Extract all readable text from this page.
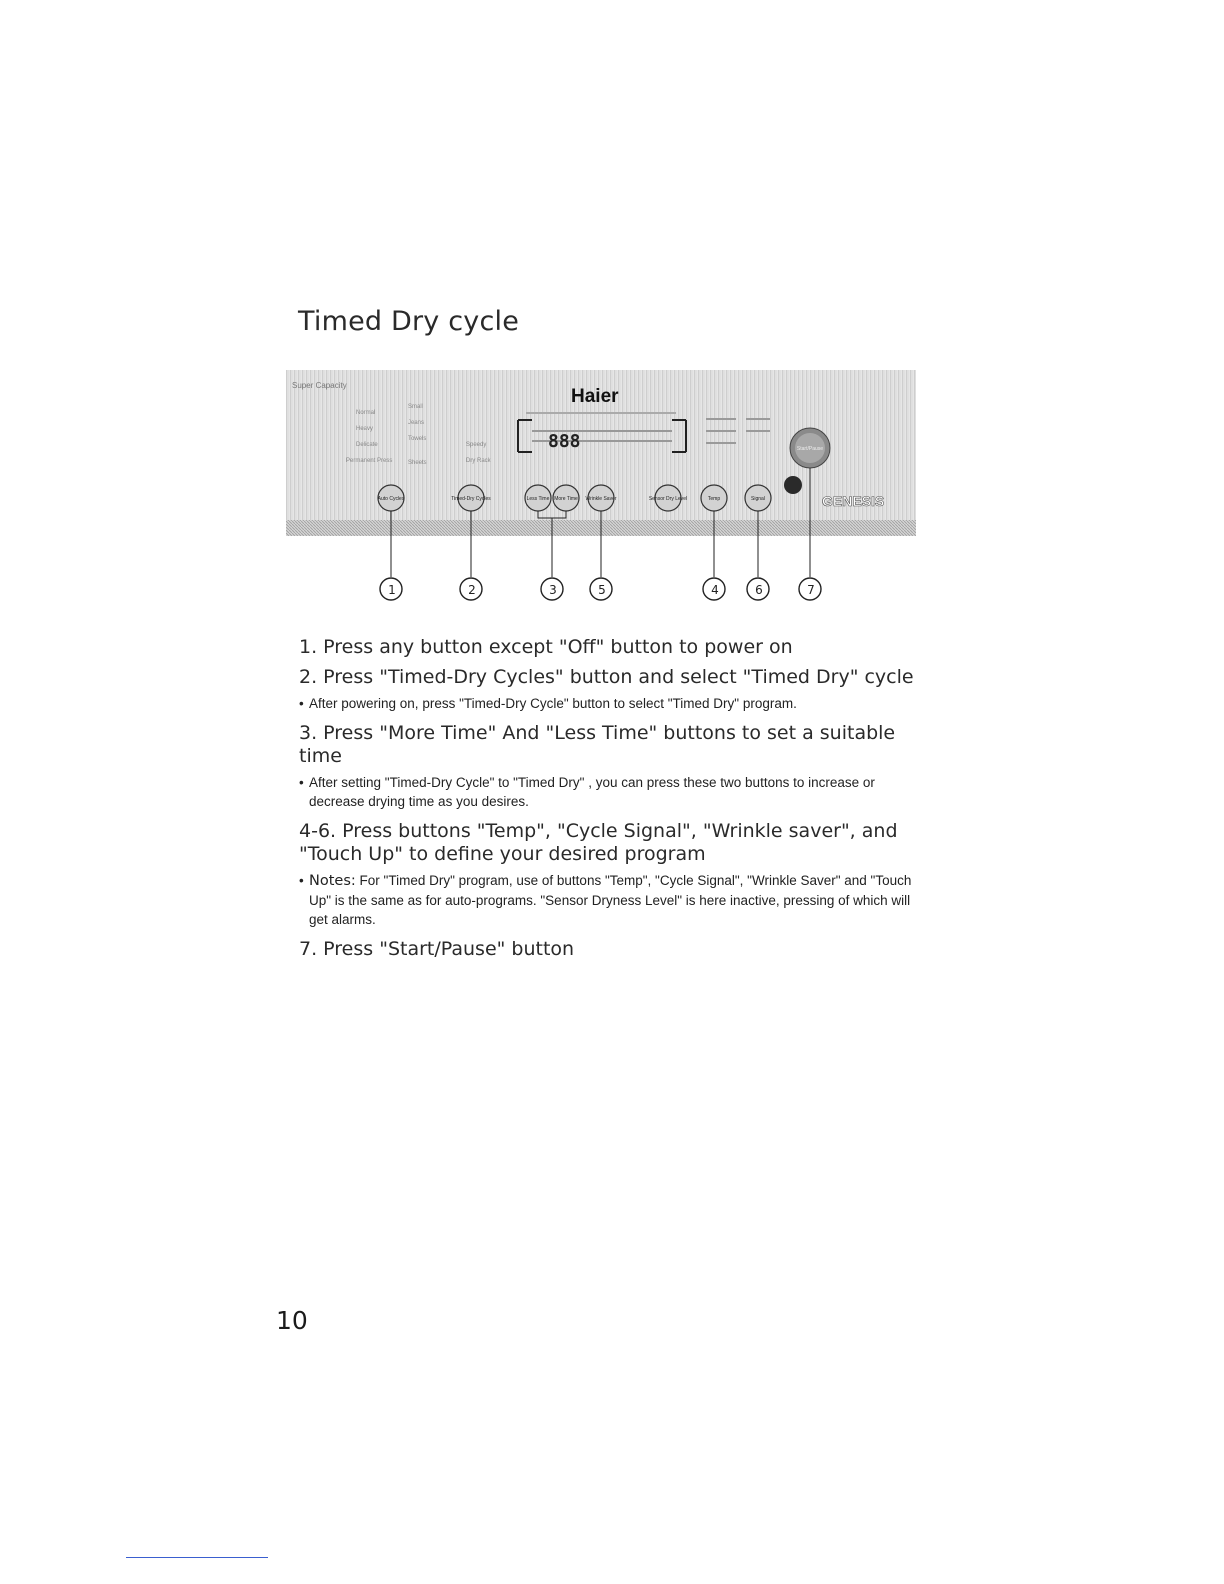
Timed Dry cycle
Haier
Super Capacity
Normal
Heavy
Delicate
Permanent Press
Small
Jeans
Towels
Sheets
Speedy
Dry Rack
888	Start/Pause
GENESIS
Auto Cycles	Timed-Dry Cycles	Less Time More Time Wrinkle Saver	Sensor Dry Level	Temp	Signal
1	2	3	5	4	6	7
1. Press any button except "Off" button to power on
2. Press "Timed-Dry Cycles" button and select "Timed Dry" cycle
• After powering on, press "Timed-Dry Cycle" button to select "Timed Dry" program.
3. Press "More Time" And "Less Time" buttons to set a suitable time
• After setting "Timed-Dry Cycle" to "Timed Dry" , you can press these two buttons to increase or decrease drying time as you desires.
4-6. Press buttons "Temp", "Cycle Signal", "Wrinkle saver", and "Touch Up" to define your desired program
• Notes: For "Timed Dry" program, use of buttons "Temp", "Cycle Signal", "Wrinkle Saver" and "Touch Up" is the same as for auto-programs. "Sensor Dryness Level" is here inactive, pressing of which will get alarms.
7. Press "Start/Pause" button
10
